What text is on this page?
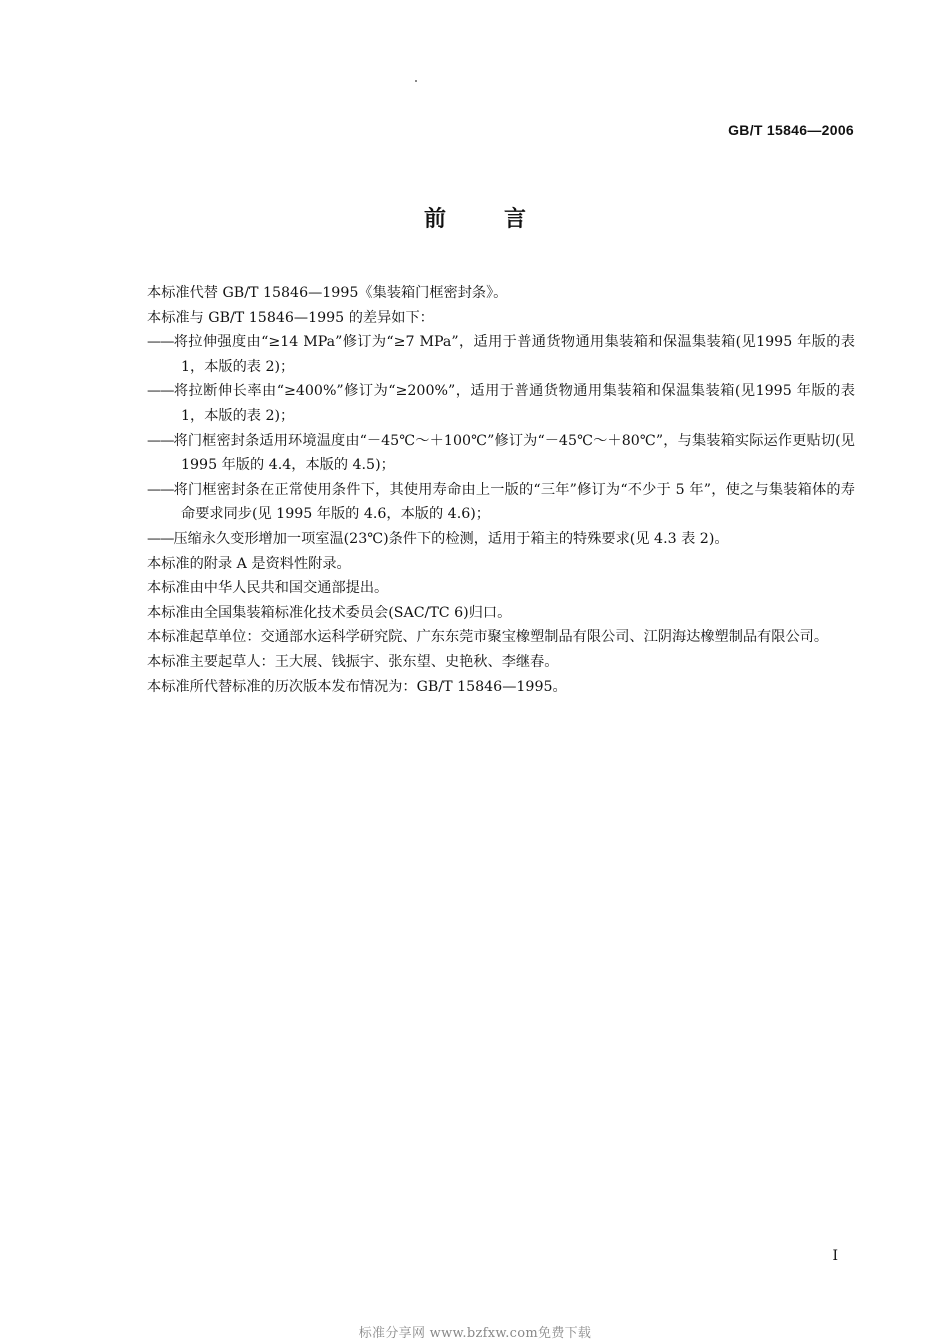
GB/T 15846—2006
前言

本标准代替 GB/T 15846—1995《集装箱门框密封条》。

本标准与 GB/T 15846—1995 的差异如下：

——将拉伸强度由“≥14 MPa”修订为“≥7 MPa”，适用于普通货物通用集装箱和保温集装箱(见1995 年版的表 1，本版的表 2)；

——将拉断伸长率由“≥400%”修订为“≥200%”，适用于普通货物通用集装箱和保温集装箱(见1995 年版的表 1，本版的表 2)；

——将门框密封条适用环境温度由“－45℃～＋100℃”修订为“－45℃～＋80℃”，与集装箱实际运作更贴切(见 1995 年版的 4.4，本版的 4.5)；

——将门框密封条在正常使用条件下，其使用寿命由上一版的“三年”修订为“不少于 5 年”，使之与集装箱体的寿命要求同步(见 1995 年版的 4.6，本版的 4.6)；

——压缩永久变形增加一项室温(23℃)条件下的检测，适用于箱主的特殊要求(见 4.3 表 2)。

本标准的附录 A 是资料性附录。

本标准由中华人民共和国交通部提出。

本标准由全国集装箱标准化技术委员会(SAC/TC 6)归口。

本标准起草单位：交通部水运科学研究院、广东东莞市聚宝橡塑制品有限公司、江阴海达橡塑制品有限公司。

本标准主要起草人：王大展、钱振宇、张东望、史艳秋、李继春。

本标准所代替标准的历次版本发布情况为：GB/T 15846—1995。

I
标准分享网 www.bzfxw.com免费下载
